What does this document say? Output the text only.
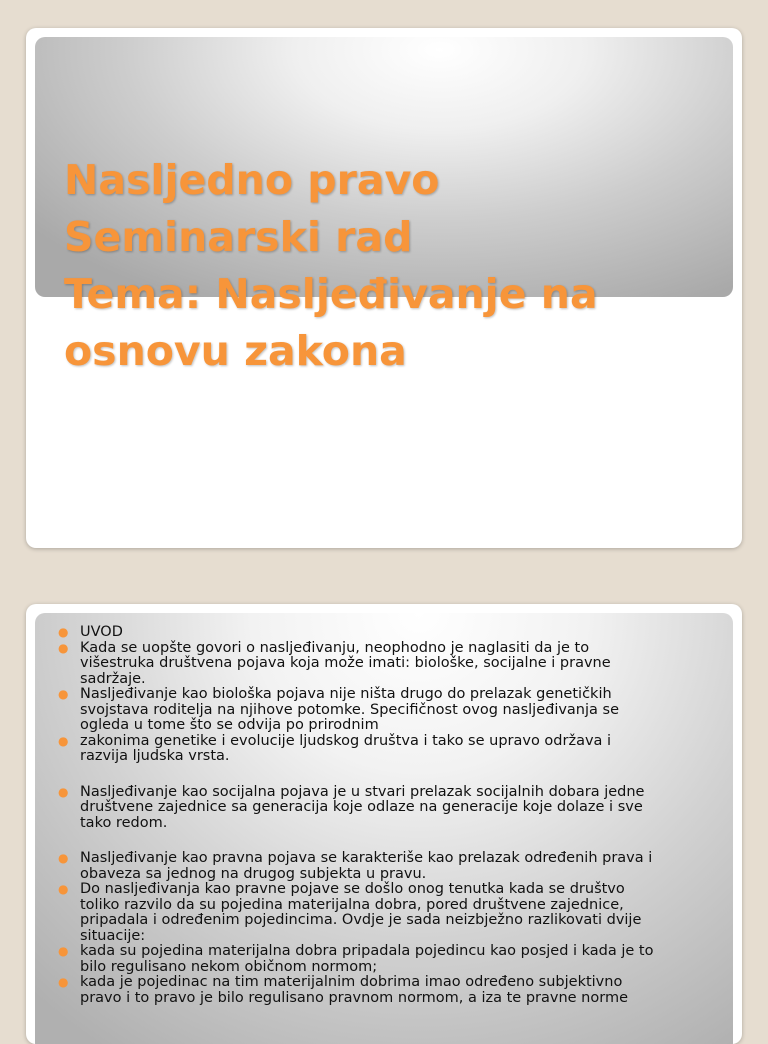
Nasljedno pravo
Seminarski rad
Tema: Nasljeđivanje na
osnovu zakona
● UVOD
● Kada se uopšte govori o nasljeđivanju, neophodno je naglasiti da je to
višestruka društvena pojava koja može imati: biološke, socijalne i pravne
sadržaje.
● Nasljeđivanje kao biološka pojava nije ništa drugo do prelazak genetičkih
svojstava roditelja na njihove potomke. Specifičnost ovog nasljeđivanja se
ogleda u tome što se odvija po prirodnim
● zakonima genetike i evolucije ljudskog društva i tako se upravo održava i
razvija ljudska vrsta.
● Nasljeđivanje kao socijalna pojava je u stvari prelazak socijalnih dobara jedne
društvene zajednice sa generacija koje odlaze na generacije koje dolaze i sve
tako redom.
● Nasljeđivanje kao pravna pojava se karakteriše kao prelazak određenih prava i
obaveza sa jednog na drugog subjekta u pravu.
● Do nasljeđivanja kao pravne pojave se došlo onog tenutka kada se društvo
toliko razvilo da su pojedina materijalna dobra, pored društvene zajednice,
pripadala i određenim pojedincima. Ovdje je sada neizbježno razlikovati dvije
situacije:
● kada su pojedina materijalna dobra pripadala pojedincu kao posjed i kada je to
bilo regulisano nekom običnom normom;
● kada je pojedinac na tim materijalnim dobrima imao određeno subjektivno
pravo i to pravo je bilo regulisano pravnom normom, a iza te pravne norme
